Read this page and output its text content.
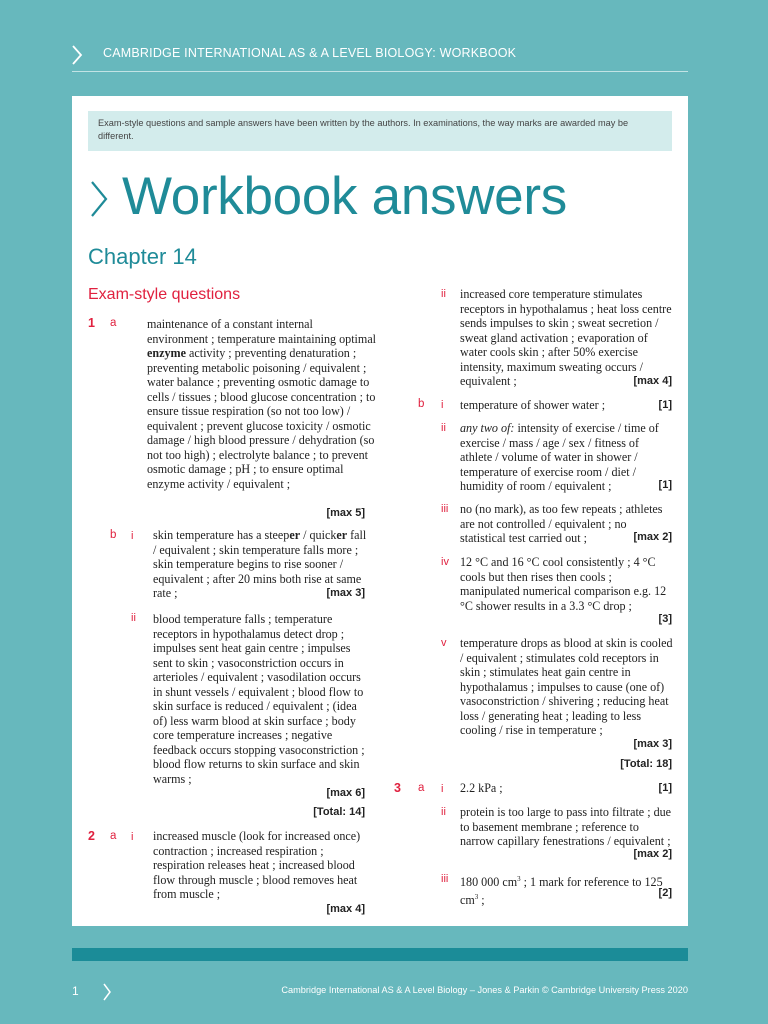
CAMBRIDGE INTERNATIONAL AS & A LEVEL BIOLOGY: WORKBOOK
Exam-style questions and sample answers have been written by the authors. In examinations, the way marks are awarded may be different.
Workbook answers
Chapter 14
Exam-style questions

1 a	maintenance of a constant internal environment ; temperature maintaining optimal enzyme activity ; preventing denaturation ; preventing metabolic poisoning / equivalent ; water balance ; preventing osmotic damage to cells / tissues ; blood glucose concentration ; to ensure tissue respiration (so not too low) / equivalent ; prevent glucose toxicity / osmotic damage / high blood pressure / dehydration (so not too high) ; electrolyte balance ; to prevent osmotic damage ; pH ; to ensure optimal enzyme activity / equivalent ;

[max 5]

b i skin temperature has a steeper / quicker fall / equivalent ; skin temperature falls more ; skin temperature begins to rise sooner / equivalent ; after 20 mins both rise at same rate ;	[max 3]

ii blood temperature falls ; temperature receptors in hypothalamus detect drop ; impulses sent heat gain centre ; impulses sent to skin ; vasoconstriction occurs in arterioles / equivalent ; vasodilation occurs in shunt vessels / equivalent ; blood flow to skin surface is reduced / equivalent ; (idea of) less warm blood at skin surface ; body core temperature increases ; negative feedback occurs stopping vasoconstriction ; blood flow returns to skin surface and skin warms ;

[max 6]

[Total: 14]

2 a i increased muscle (look for increased once) contraction ; increased respiration ; respiration releases heat ; increased blood flow through muscle ; blood removes heat from muscle ;

[max 4]

ii increased core temperature stimulates receptors in hypothalamus ; heat loss centre sends impulses to skin ; sweat secretion / sweat gland activation ; evaporation of water cools skin ; after 50% exercise intensity, maximum sweating occurs / equivalent ;	[max 4]

b i temperature of shower water ;	[1]

ii any two of: intensity of exercise / time of exercise / mass / age / sex / fitness of athlete / volume of water in shower / temperature of exercise room / diet / humidity of room / equivalent ;	[1]

iii no (no mark), as too few repeats ; athletes are not controlled / equivalent ; no statistical test carried out ;	[max 2]

iv 12 °C and 16 °C cool consistently ; 4 °C cools but then rises then cools ; manipulated numerical comparison e.g. 12 °C shower results in a 3.3 °C drop ;

[3]

v temperature drops as blood at skin is cooled / equivalent ; stimulates cold receptors in skin ; stimulates heat gain centre in hypothalamus ; impulses to cause (one of) vasoconstriction / shivering ; reducing heat loss / generating heat ; leading to less cooling / rise in temperature ;

[max 3]

[Total: 18]

3 a i 2.2 kPa ;	[1]

ii protein is too large to pass into filtrate ; due to basement membrane ; reference to narrow capillary fenestrations / equivalent ;

[max 2]

iii 180 000 $cm^3$ ; 1 mark for reference to 125 $cm^3$ ;	[2]

1	Cambridge International AS & A Level Biology – Jones & Parkin © Cambridge University Press 2020
